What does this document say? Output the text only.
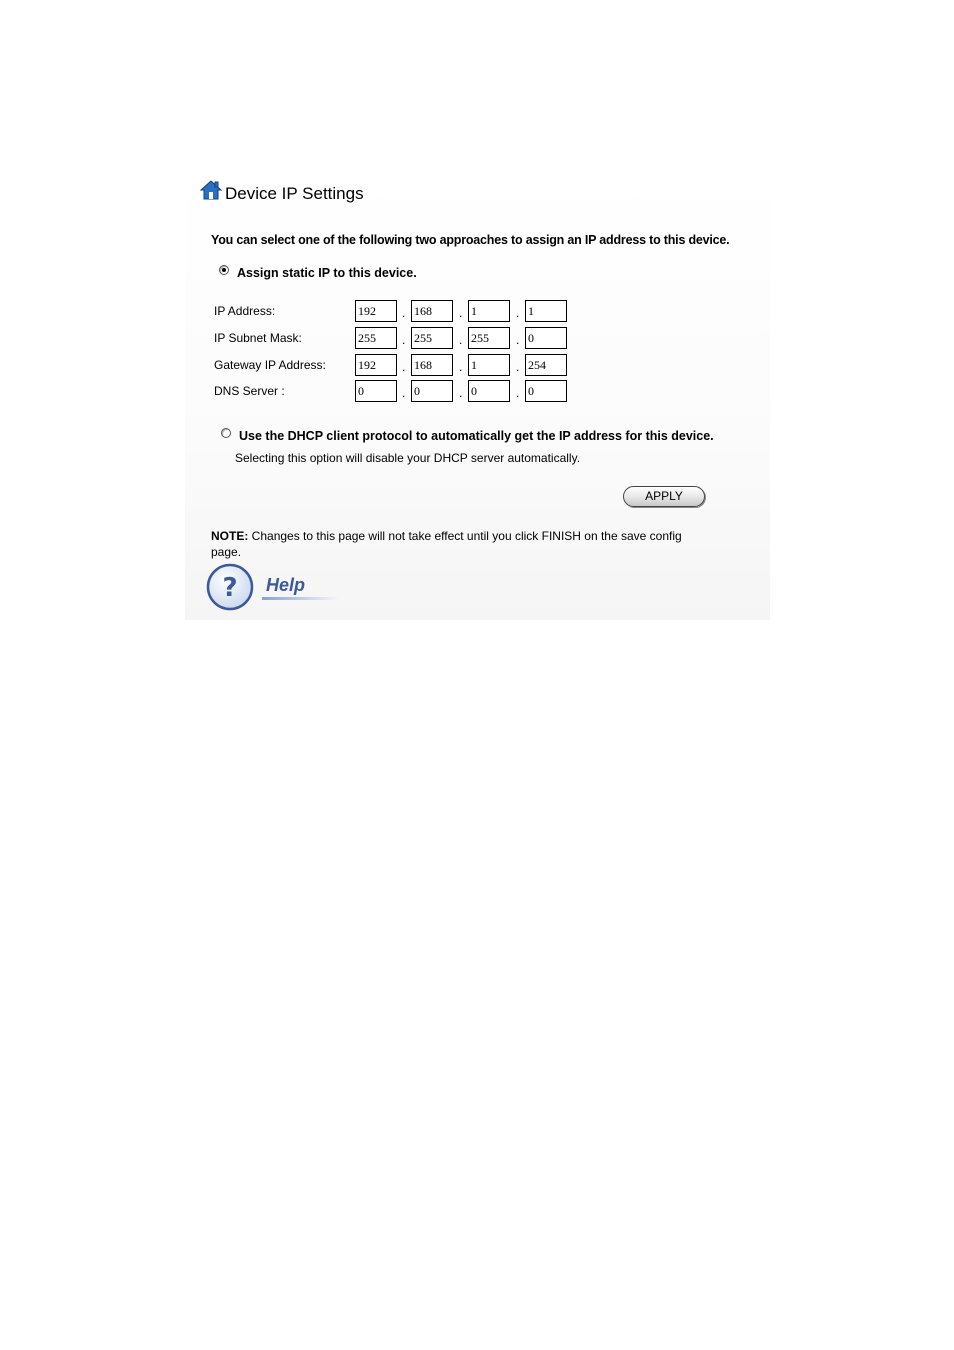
Device IP Settings
You can select one of the following two approaches to assign an IP address to this device.
Assign static IP to this device.
IP Address:	192	. 168	. 1	. 1
IP Subnet Mask:	255	. 255	. 255	. 0
Gateway IP Address:	192	. 168	. 1	. 254
DNS Server :	0	. 0	. 0	. 0
Use the DHCP client protocol to automatically get the IP address for this device.
Selecting this option will disable your DHCP server automatically.
APPLY
NOTE: Changes to this page will not take effect until you click FINISH on the save config page.
? Help
